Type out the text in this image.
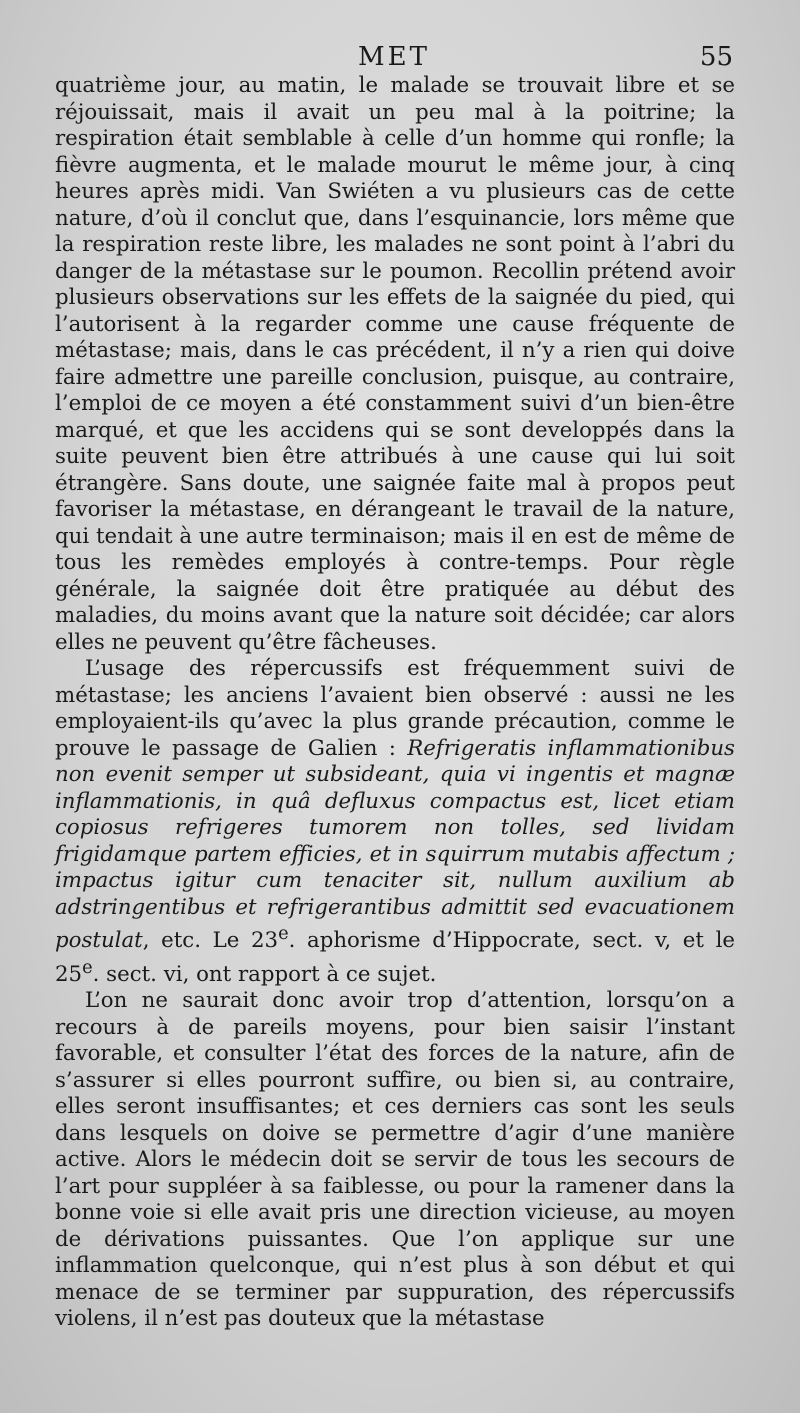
MET	55

quatrième jour, au matin, le malade se trouvait libre et se réjouissait, mais il avait un peu mal à la poitrine; la respiration était semblable à celle d’un homme qui ronfle; la fièvre augmenta, et le malade mourut le même jour, à cinq heures après midi. Van Swiéten a vu plusieurs cas de cette nature, d’où il conclut que, dans l’esquinancie, lors même que la respiration reste libre, les malades ne sont point à l’abri du danger de la métastase sur le poumon. Recollin prétend avoir plusieurs observations sur les effets de la saignée du pied, qui l’autorisent à la regarder comme une cause fréquente de métastase; mais, dans le cas précédent, il n’y a rien qui doive faire admettre une pareille conclusion, puisque, au contraire, l’emploi de ce moyen a été constamment suivi d’un bien-être marqué, et que les accidens qui se sont developpés dans la suite peuvent bien être attribués à une cause qui lui soit étrangère. Sans doute, une saignée faite mal à propos peut favoriser la métastase, en dérangeant le travail de la nature, qui tendait à une autre terminaison; mais il en est de même de tous les remèdes employés à contre-temps. Pour règle générale, la saignée doit être pratiquée au début des maladies, du moins avant que la nature soit décidée; car alors elles ne peuvent qu’être fâcheuses.

L’usage des répercussifs est fréquemment suivi de métastase; les anciens l’avaient bien observé : aussi ne les employaient-ils qu’avec la plus grande précaution, comme le prouve le passage de Galien : Refrigeratis inflammationibus non evenit semper ut subsideant, quia vi ingentis et magnæ inflammationis, in quâ defluxus compactus est, licet etiam copiosus refrigeres tumorem non tolles, sed lividam frigidamque partem efficies, et in squirrum mutabis affectum ; impactus igitur cum tenaciter sit, nullum auxilium ab adstringentibus et refrigerantibus admittit sed evacuationem postulat, etc. Le 23e. aphorisme d’Hippocrate, sect. v, et le 25e. sect. vi, ont rapport à ce sujet.

L’on ne saurait donc avoir trop d’attention, lorsqu’on a recours à de pareils moyens, pour bien saisir l’instant favorable, et consulter l’état des forces de la nature, afin de s’assurer si elles pourront suffire, ou bien si, au contraire, elles seront insuffisantes; et ces derniers cas sont les seuls dans lesquels on doive se permettre d’agir d’une manière active. Alors le médecin doit se servir de tous les secours de l’art pour suppléer à sa faiblesse, ou pour la ramener dans la bonne voie si elle avait pris une direction vicieuse, au moyen de dérivations puissantes. Que l’on applique sur une inflammation quelconque, qui n’est plus à son début et qui menace de se terminer par suppuration, des répercussifs violens, il n’est pas douteux que la métastase
